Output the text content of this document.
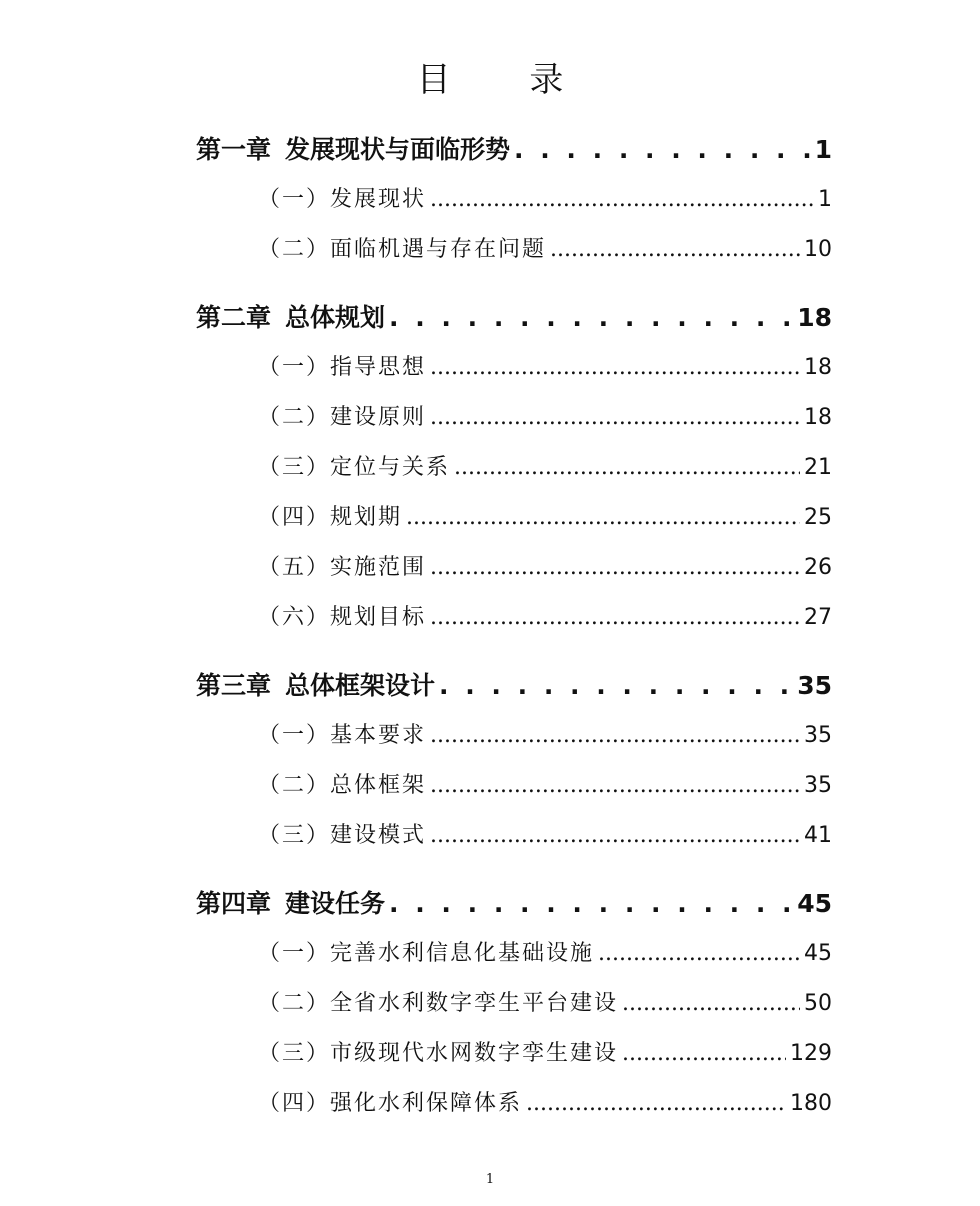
目 录
第一章 发展现状与面临形势 . . .	1
（一）发展现状 .....	1
（二）面临机遇与存在问题 .....	10
第二章 总体规划 . . .	18
（一）指导思想 .....	18
（二）建设原则 .....	18
（三）定位与关系 .....	21
（四）规划期 .....	25
（五）实施范围 .....	26
（六）规划目标 .....	27
第三章 总体框架设计 . . .	35
（一）基本要求 .....	35
（二）总体框架 .....	35
（三）建设模式 .....	41
第四章 建设任务 . . .	45
（一）完善水利信息化基础设施 .....	45
（二）全省水利数字孪生平台建设 .....	50
（三）市级现代水网数字孪生建设 .....	129
（四）强化水利保障体系 .....	180
1
